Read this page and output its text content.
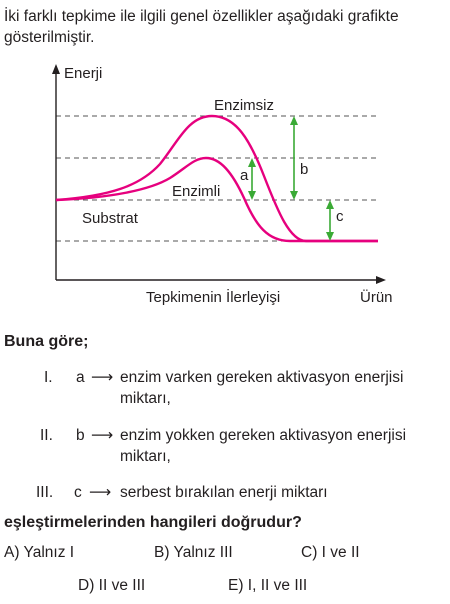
İki farklı tepkime ile ilgili genel özellikler aşağıdaki grafikte gösterilmiştir.
Enerji
Enzimsiz
Enzimli
Substrat
a	b
c
Tepkimenin İlerleyişi	Ürün
Buna göre;
I. a ⟶ enzim varken gereken aktivasyon enerjisi
miktarı,
II. b ⟶ enzim yokken gereken aktivasyon enerjisi
miktarı,
III. c ⟶ serbest bırakılan enerji miktarı
eşleştirmelerinden hangileri doğrudur?
A) Yalnız I	B) Yalnız III	C) I ve II
D) II ve III	E) I, II ve III
